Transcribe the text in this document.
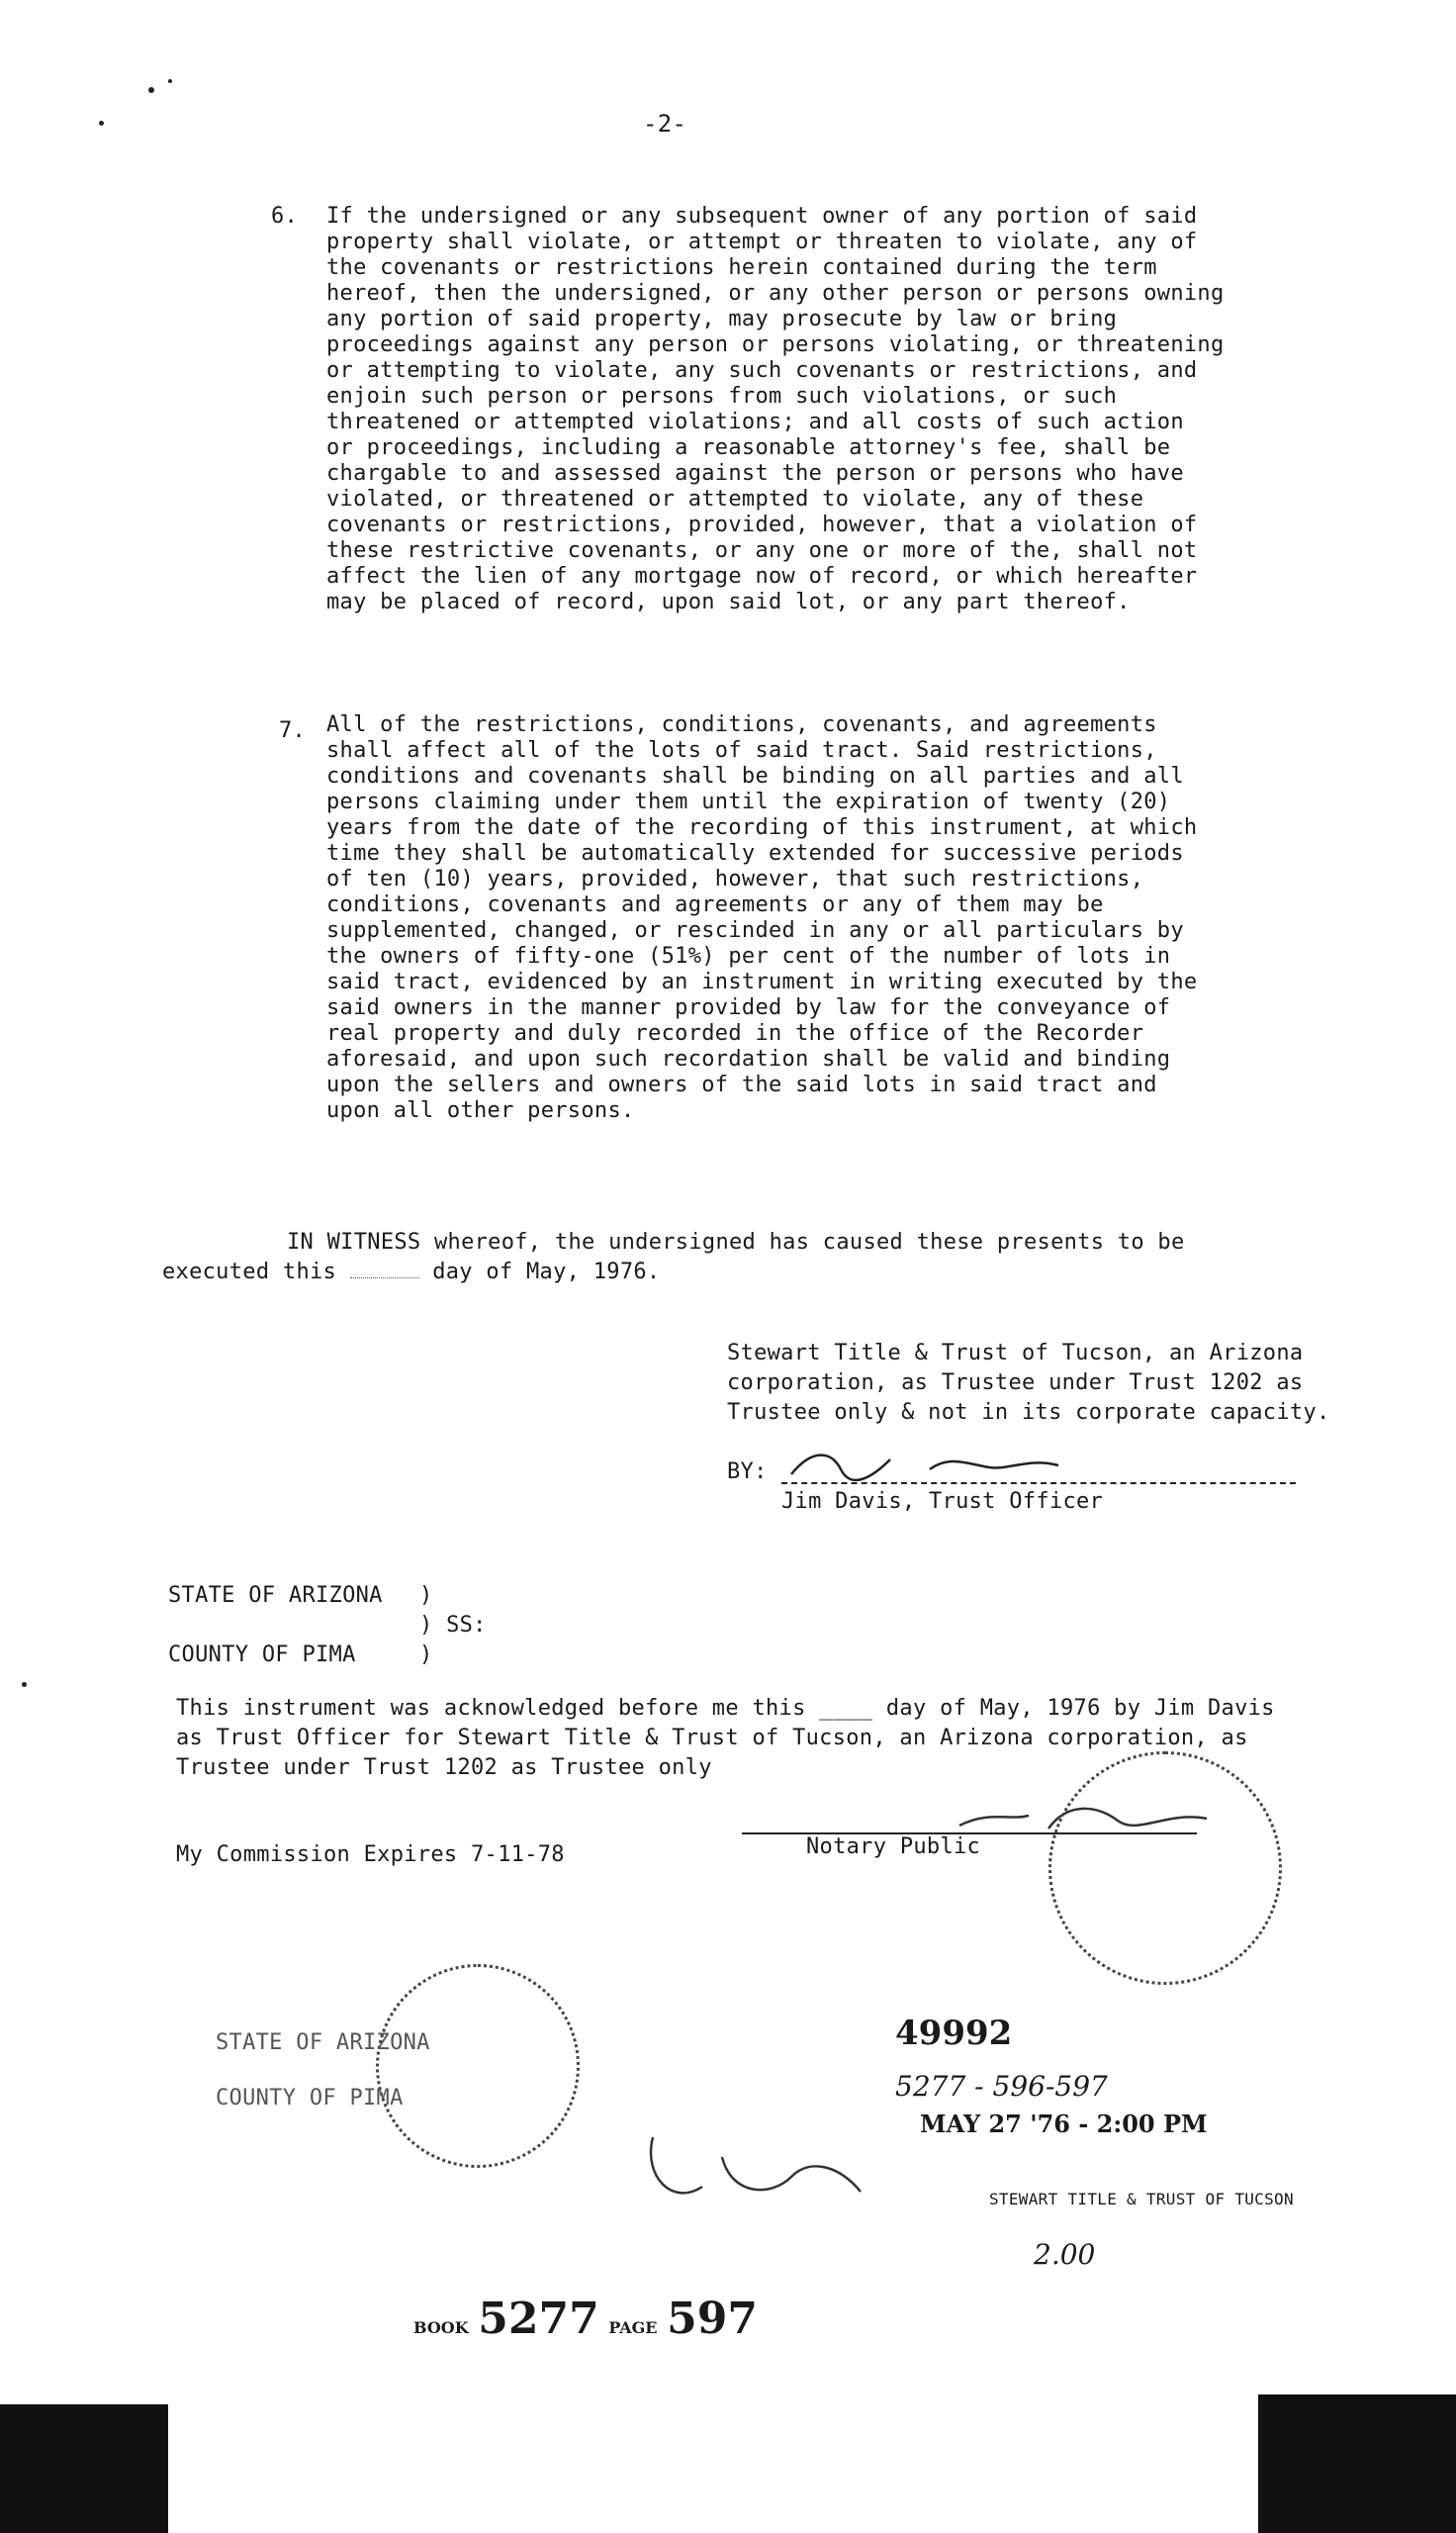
-2-
6. If the undersigned or any subsequent owner of any portion of said
property shall violate, or attempt or threaten to violate, any of
the covenants or restrictions herein contained during the term
hereof, then the undersigned, or any other person or persons owning
any portion of said property, may prosecute by law or bring
proceedings against any person or persons violating, or threatening
or attempting to violate, any such covenants or restrictions, and
enjoin such person or persons from such violations, or such
threatened or attempted violations; and all costs of such action
or proceedings, including a reasonable attorney's fee, shall be
chargable to and assessed against the person or persons who have
violated, or threatened or attempted to violate, any of these
covenants or restrictions, provided, however, that a violation of
these restrictive covenants, or any one or more of the, shall not
affect the lien of any mortgage now of record, or which hereafter
may be placed of record, upon said lot, or any part thereof.
7. All of the restrictions, conditions, covenants, and agreements
shall affect all of the lots of said tract. Said restrictions,
conditions and covenants shall be binding on all parties and all
persons claiming under them until the expiration of twenty (20)
years from the date of the recording of this instrument, at which
time they shall be automatically extended for successive periods
of ten (10) years, provided, however, that such restrictions,
conditions, covenants and agreements or any of them may be
supplemented, changed, or rescinded in any or all particulars by
the owners of fifty-one (51%) per cent of the number of lots in
said tract, evidenced by an instrument in writing executed by the
said owners in the manner provided by law for the conveyance of
real property and duly recorded in the office of the Recorder
aforesaid, and upon such recordation shall be valid and binding
upon the sellers and owners of the said lots in said tract and
upon all other persons.
IN WITNESS whereof, the undersigned has caused these presents to be
executed this	day of May, 1976.
Stewart Title & Trust of Tucson, an Arizona
corporation, as Trustee under Trust 1202 as
Trustee only & not in its corporate capacity.
BY:
Jim Davis, Trust Officer
STATE OF ARIZONA )
) SS:
COUNTY OF PIMA	)
This instrument was acknowledged before me this ____ day of May, 1976 by Jim Davis
as Trust Officer for Stewart Title & Trust of Tucson, an Arizona corporation, as
Trustee under Trust 1202 as Trustee only
My Commission Expires 7-11-78	Notary Public
STATE OF ARIZONA
COUNTY OF PIMA
49992
5277 - 596-597
MAY 27 '76 - 2:00 PM
STEWART TITLE & TRUST OF TUCSON
2.00
BOOK 5277 PAGE 597
